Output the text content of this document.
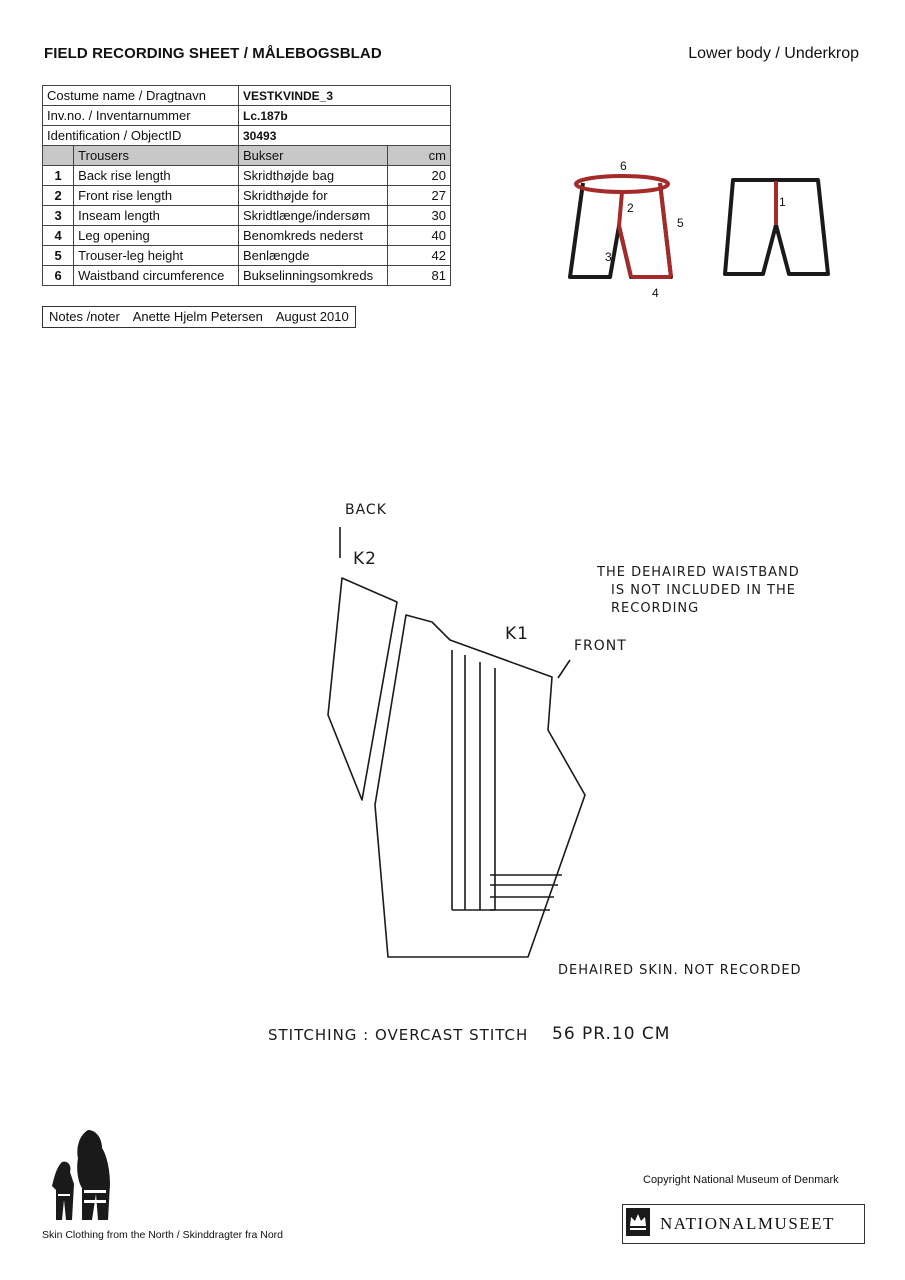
FIELD RECORDING SHEET / MÅLEBOGSBLAD	Lower body / Underkrop
Costume name / Dragtnavn		VESTKVINDE_3	
Inv.no. / Inventarnummer		Lc.187b	
Identification / ObjectID		30493	
	Trousers	Bukser	cm
1	Back rise length	Skridthøjde bag	20
2	Front rise length	Skridthøjde for	27
3	Inseam length	Skridtlænge/indersøm	30
4	Leg opening	Benomkreds nederst	40
5	Trouser-leg height	Benlængde	42
6	Waistband circumference	Bukselinningsomkreds	81
Notes /noter Anette Hjelm Petersen August 2010
6
2
5
3
4
1
BACK
K2
K1
FRONT
THE DEHAIRED WAISTBAND
IS NOT INCLUDED IN THE
RECORDING
DEHAIRED SKIN. NOT RECORDED
STITCHING : OVERCAST STITCH 56 PR.10 CM
Skin Clothing from the North / Skinddragter fra Nord
Copyright National Museum of Denmark
NATIONALMUSEET
